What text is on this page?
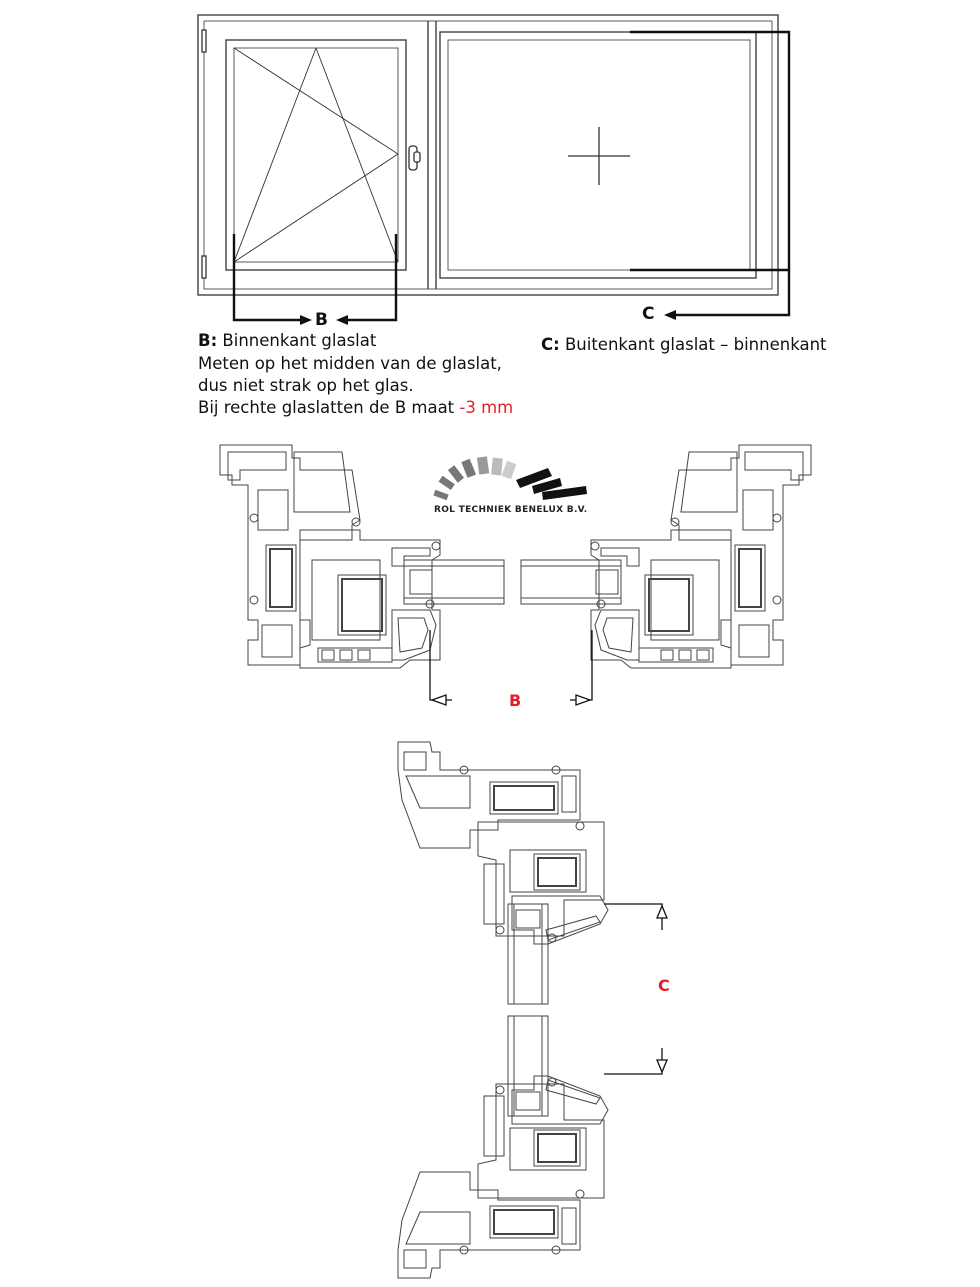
B	C
B: Binnenkant glaslat
Meten op het midden van de glaslat,
dus niet strak op het glas.
Bij rechte glaslatten de B maat -3 mm
C: Buitenkant glaslat – binnenkant
ROL TECHNIEK BENELUX B.V.
B
C
